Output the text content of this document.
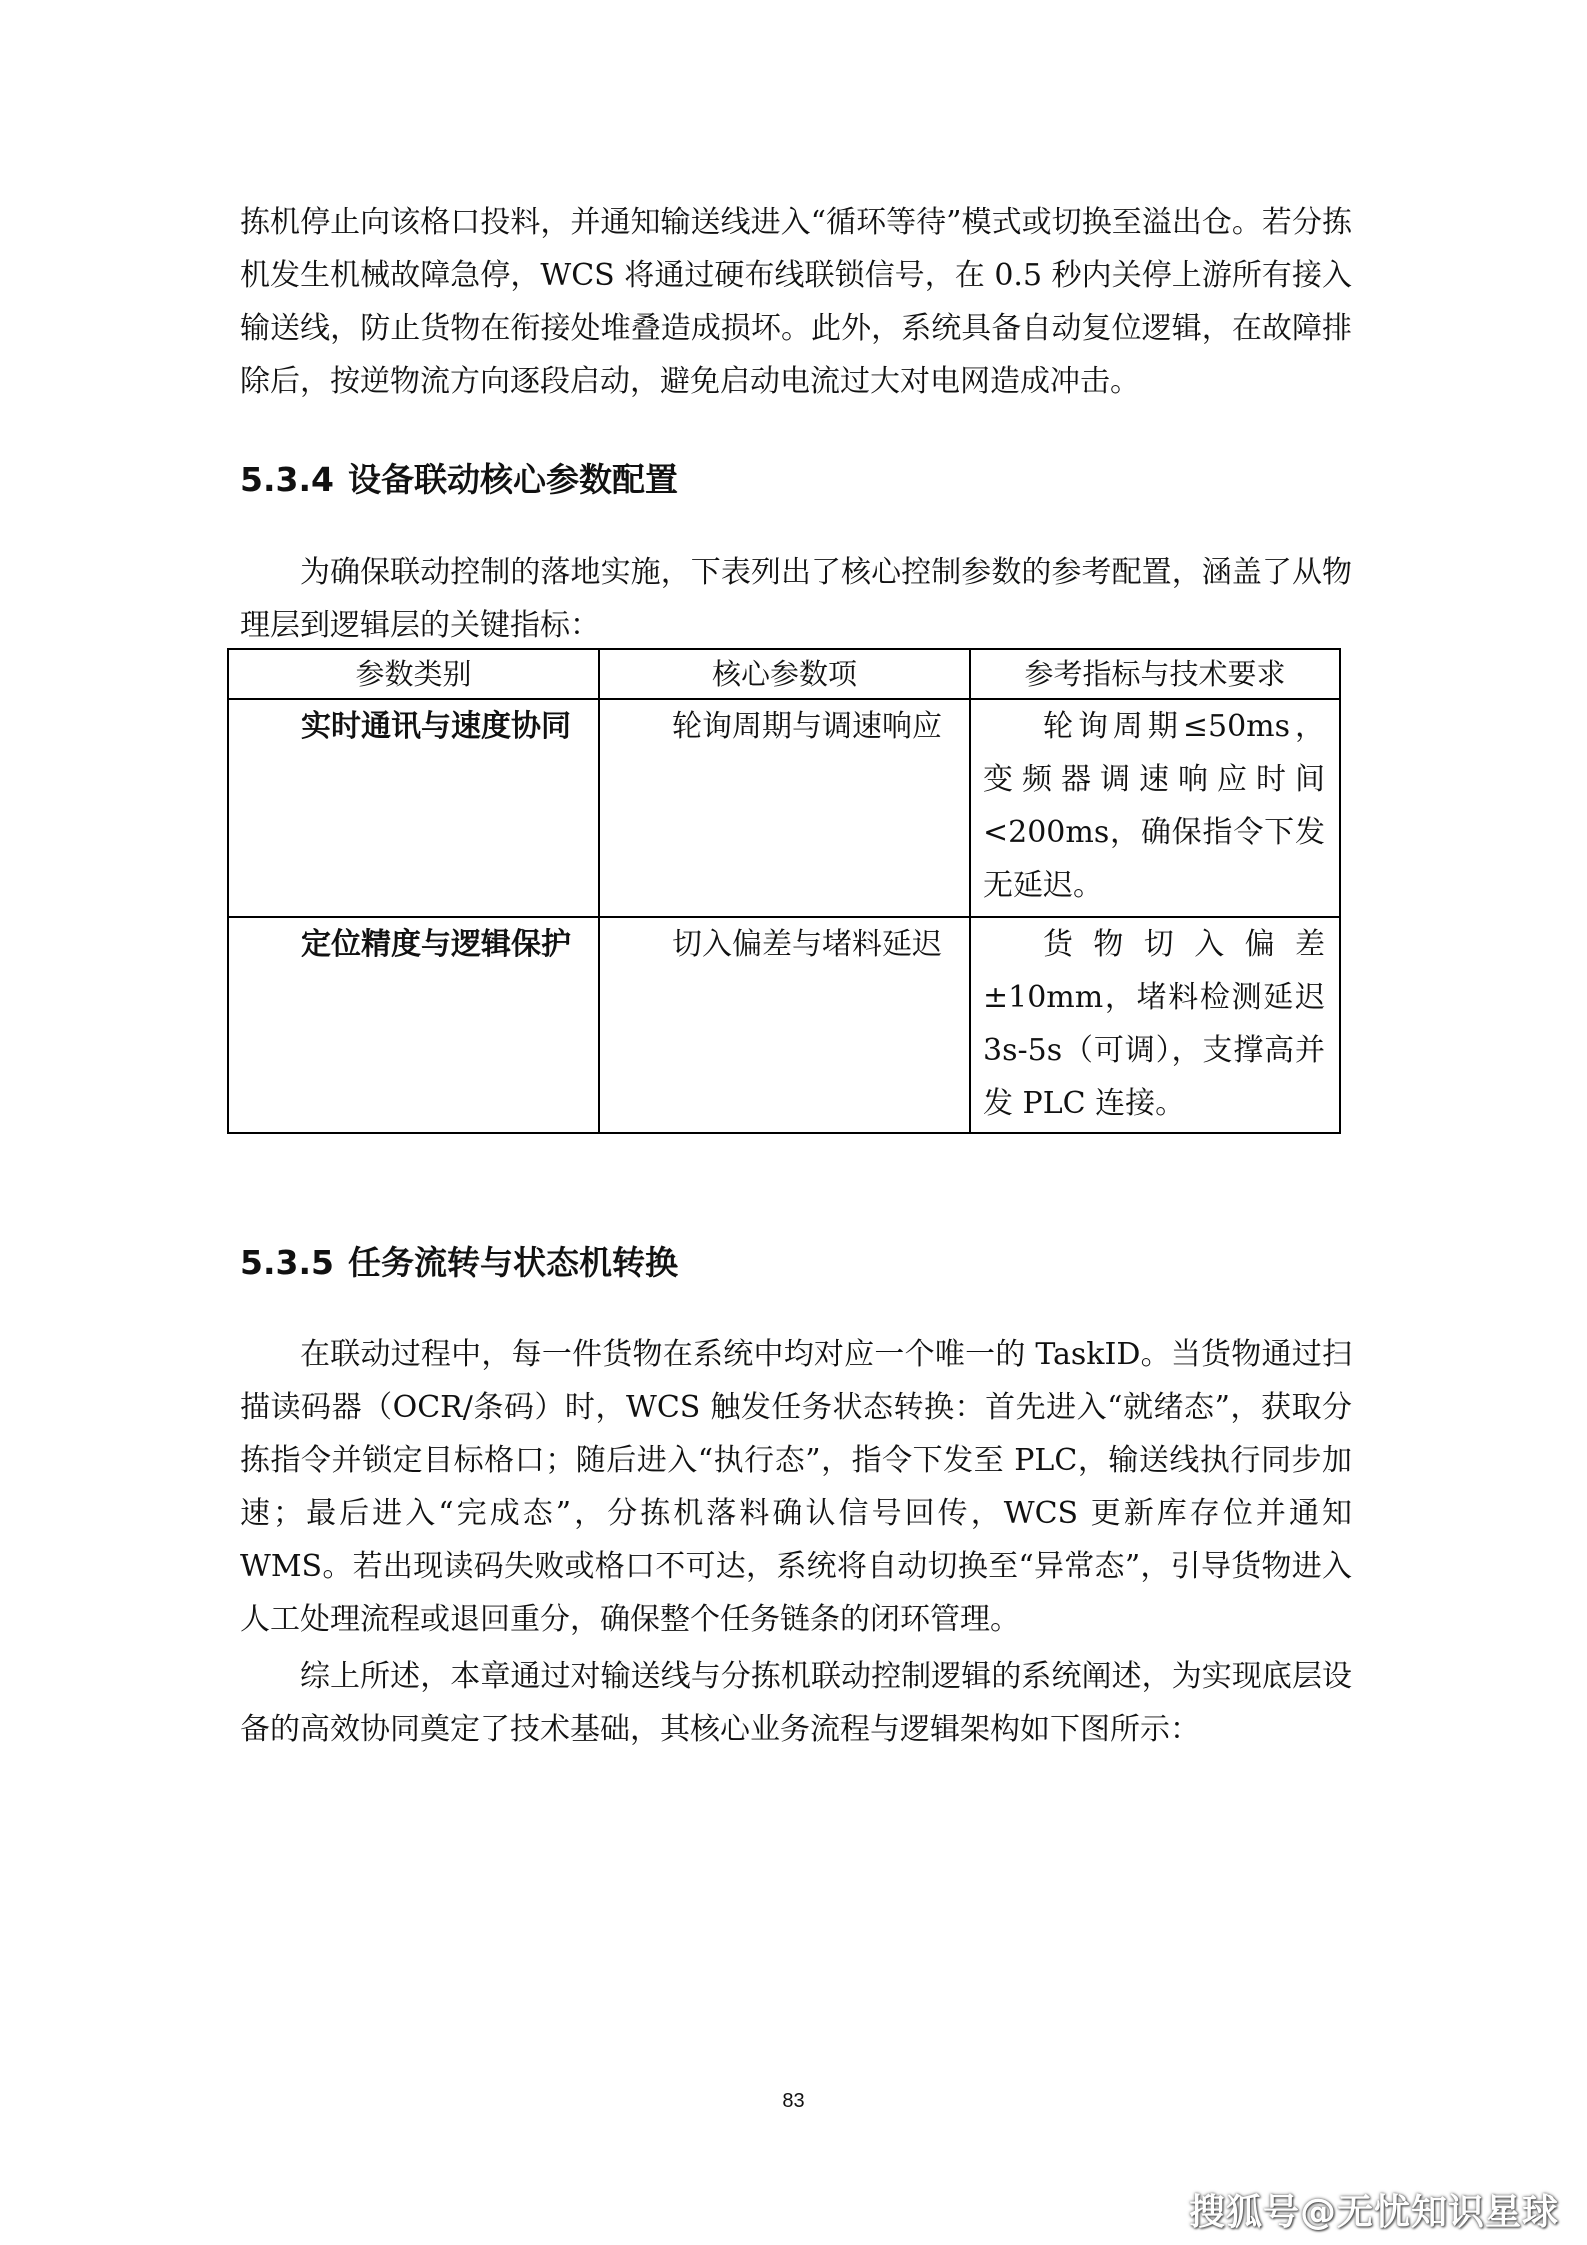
拣机停止向该格口投料，并通知输送线进入“循环等待”模式或切换至溢出仓。若分拣机发生机械故障急停，WCS 将通过硬布线联锁信号，在 0.5 秒内关停上游所有接入输送线，防止货物在衔接处堆叠造成损坏。此外，系统具备自动复位逻辑，在故障排除后，按逆物流方向逐段启动，避免启动电流过大对电网造成冲击。

5.3.4 设备联动核心参数配置

为确保联动控制的落地实施，下表列出了核心控制参数的参考配置，涵盖了从物理层到逻辑层的关键指标：

参数类别	核心参数项	参考指标与技术要求

实时通讯与速度协同	轮询周期与调速响应	轮询周期≤50ms，变频器调速响应时间<200ms，确保指令下发无延迟。

定位精度与逻辑保护	切入偏差与堵料延迟	货物切入偏差±10mm，堵料检测延迟3s-5s（可调），支撑高并发 PLC 连接。
5.3.5 任务流转与状态机转换

在联动过程中，每一件货物在系统中均对应一个唯一的 TaskID。当货物通过扫描读码器（OCR/条码）时，WCS 触发任务状态转换：首先进入“就绪态”，获取分拣指令并锁定目标格口；随后进入“执行态”，指令下发至 PLC，输送线执行同步加速；最后进入“完成态”，分拣机落料确认信号回传，WCS 更新库存位并通知 WMS。若出现读码失败或格口不可达，系统将自动切换至“异常态”，引导货物进入人工处理流程或退回重分，确保整个任务链条的闭环管理。

综上所述，本章通过对输送线与分拣机联动控制逻辑的系统阐述，为实现底层设备的高效协同奠定了技术基础，其核心业务流程与逻辑架构如下图所示：

83
搜狐号@无忧知识星球
